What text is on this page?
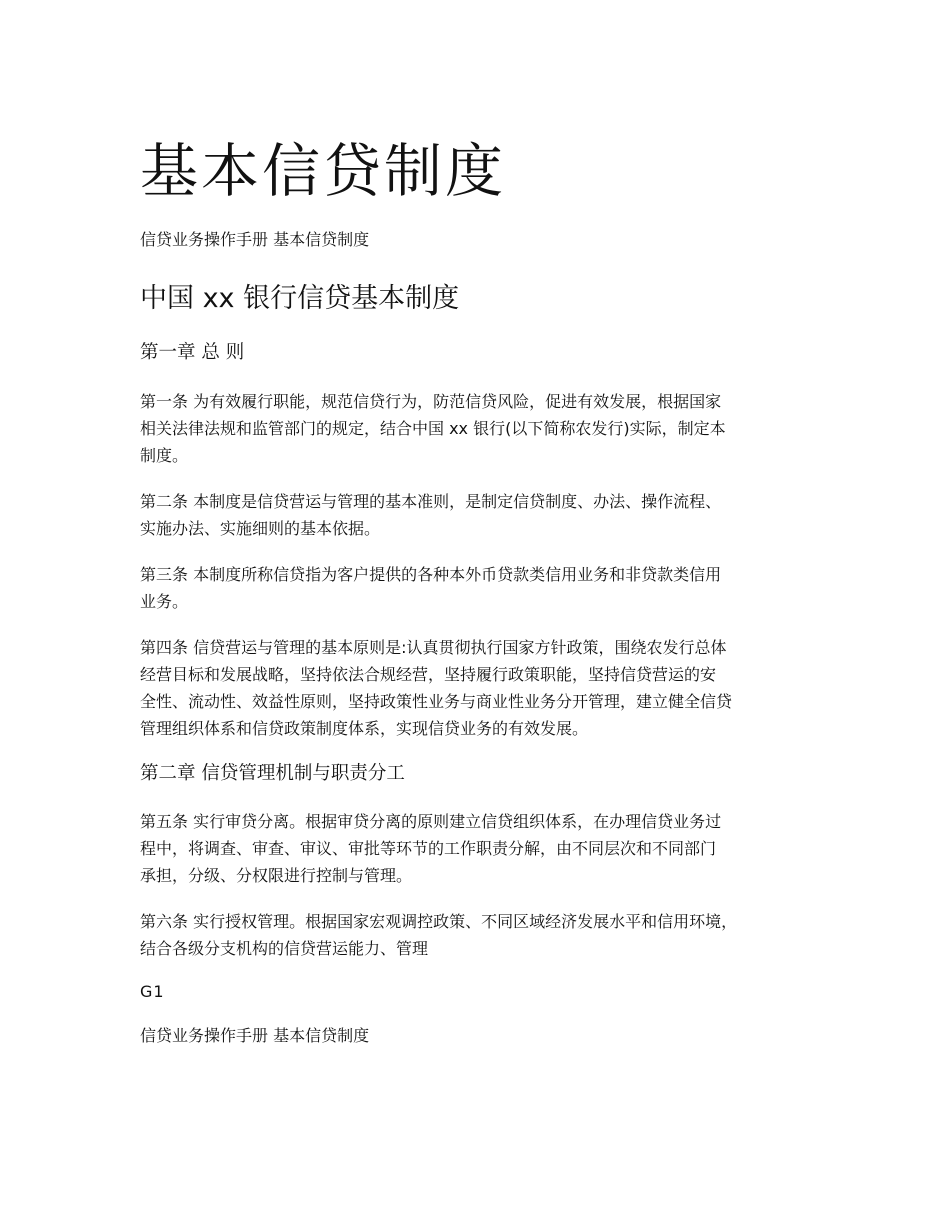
基本信贷制度

信贷业务操作手册 基本信贷制度

中国 xx 银行信贷基本制度
第一章 总 则
第一条 为有效履行职能，规范信贷行为，防范信贷风险，促进有效发展，根据国家
相关法律法规和监管部门的规定，结合中国 xx 银行(以下简称农发行)实际，制定本
制度。
第二条 本制度是信贷营运与管理的基本准则，是制定信贷制度、办法、操作流程、
实施办法、实施细则的基本依据。
第三条 本制度所称信贷指为客户提供的各种本外币贷款类信用业务和非贷款类信用
业务。
第四条 信贷营运与管理的基本原则是:认真贯彻执行国家方针政策，围绕农发行总体
经营目标和发展战略，坚持依法合规经营，坚持履行政策职能，坚持信贷营运的安
全性、流动性、效益性原则，坚持政策性业务与商业性业务分开管理，建立健全信贷
管理组织体系和信贷政策制度体系，实现信贷业务的有效发展。
第二章 信贷管理机制与职责分工
第五条 实行审贷分离。根据审贷分离的原则建立信贷组织体系，在办理信贷业务过
程中，将调查、审查、审议、审批等环节的工作职责分解，由不同层次和不同部门
承担，分级、分权限进行控制与管理。
第六条 实行授权管理。根据国家宏观调控政策、不同区域经济发展水平和信用环境，
结合各级分支机构的信贷营运能力、管理

G1

信贷业务操作手册 基本信贷制度
